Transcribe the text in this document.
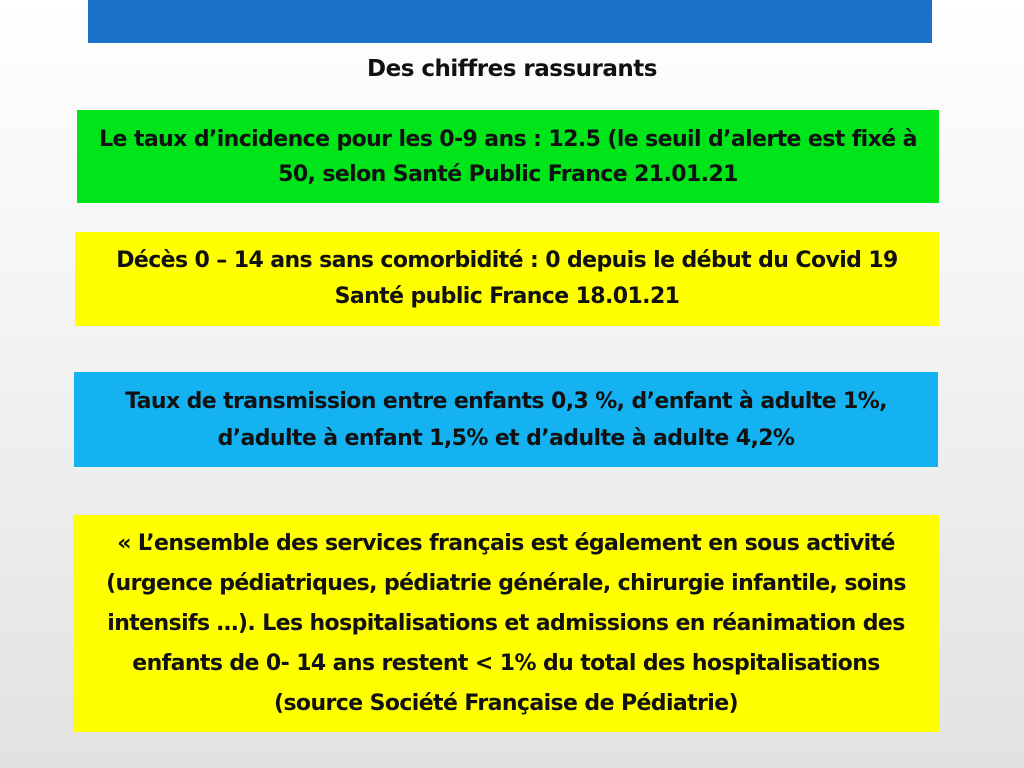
Des chiffres rassurants
Le taux d’incidence pour les 0-9 ans : 12.5 (le seuil d’alerte est fixé à 50, selon Santé Public France 21.01.21
Décès 0 – 14 ans sans comorbidité : 0 depuis le début du Covid 19 Santé public France 18.01.21
Taux de transmission entre enfants 0,3 %, d’enfant à adulte 1%, d’adulte à enfant 1,5% et d’adulte à adulte 4,2%
« L’ensemble des services français est également en sous activité (urgence pédiatriques, pédiatrie générale, chirurgie infantile, soins intensifs …). Les hospitalisations et admissions en réanimation des enfants de 0- 14 ans restent < 1% du total des hospitalisations
(source Société Française de Pédiatrie)
